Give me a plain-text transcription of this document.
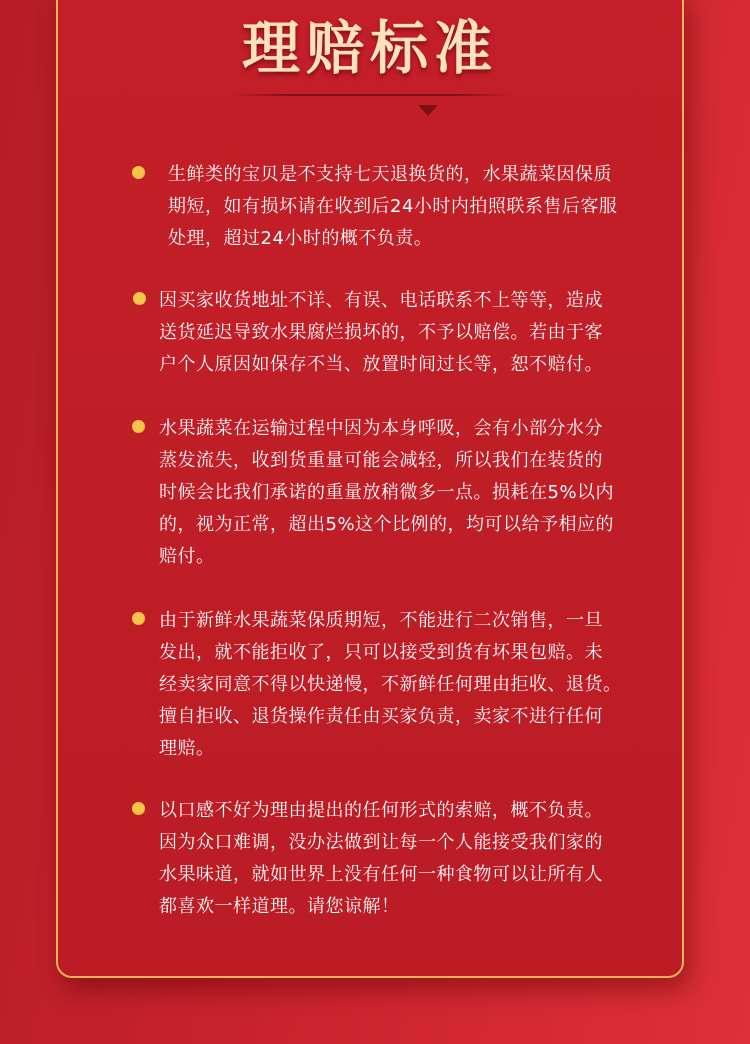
理赔标准
生鲜类的宝贝是不支持七天退换货的，水果蔬菜因保质
期短，如有损坏请在收到后24小时内拍照联系售后客服
处理，超过24小时的概不负责。
因买家收货地址不详、有误、电话联系不上等等，造成
送货延迟导致水果腐烂损坏的，不予以赔偿。若由于客
户个人原因如保存不当、放置时间过长等，恕不赔付。
水果蔬菜在运输过程中因为本身呼吸，会有小部分水分
蒸发流失，收到货重量可能会减轻，所以我们在装货的
时候会比我们承诺的重量放稍微多一点。损耗在5%以内
的，视为正常，超出5%这个比例的，均可以给予相应的
赔付。
由于新鲜水果蔬菜保质期短，不能进行二次销售，一旦
发出，就不能拒收了，只可以接受到货有坏果包赔。未
经卖家同意不得以快递慢，不新鲜任何理由拒收、退货。
擅自拒收、退货操作责任由买家负责，卖家不进行任何
理赔。
以口感不好为理由提出的任何形式的索赔，概不负责。
因为众口难调，没办法做到让每一个人能接受我们家的
水果味道，就如世界上没有任何一种食物可以让所有人
都喜欢一样道理。请您谅解！
